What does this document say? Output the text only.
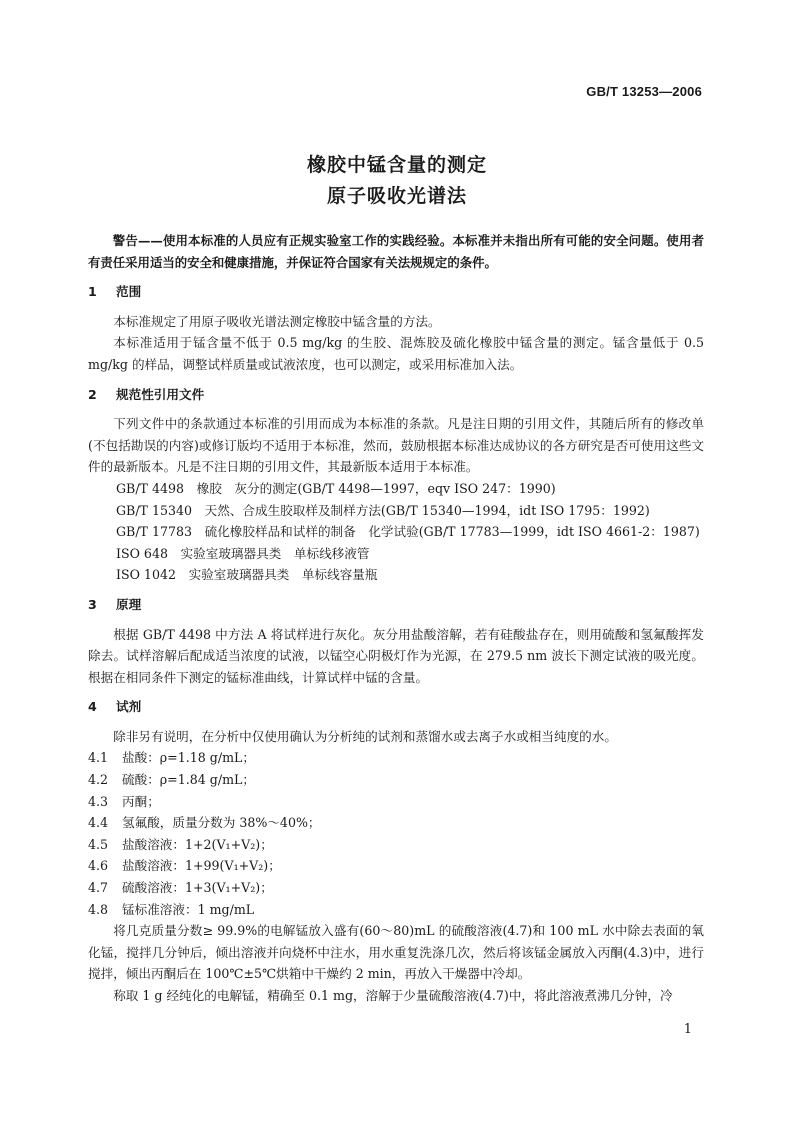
GB/T 13253—2006
橡胶中锰含量的测定
原子吸收光谱法

警告——使用本标准的人员应有正规实验室工作的实践经验。本标准并未指出所有可能的安全问题。使用者有责任采用适当的安全和健康措施，并保证符合国家有关法规规定的条件。

1 范围

本标准规定了用原子吸收光谱法测定橡胶中锰含量的方法。

本标准适用于锰含量不低于 0.5 mg/kg 的生胶、混炼胶及硫化橡胶中锰含量的测定。锰含量低于 0.5 mg/kg 的样品，调整试样质量或试液浓度，也可以测定，或采用标准加入法。

2 规范性引用文件

下列文件中的条款通过本标准的引用而成为本标准的条款。凡是注日期的引用文件，其随后所有的修改单(不包括勘误的内容)或修订版均不适用于本标准，然而，鼓励根据本标准达成协议的各方研究是否可使用这些文件的最新版本。凡是不注日期的引用文件，其最新版本适用于本标准。

GB/T 4498　橡胶　灰分的测定(GB/T 4498—1997，eqv ISO 247：1990)

GB/T 15340　天然、合成生胶取样及制样方法(GB/T 15340—1994，idt ISO 1795：1992)

GB/T 17783　硫化橡胶样品和试样的制备　化学试验(GB/T 17783—1999，idt ISO 4661-2：1987)

ISO 648　实验室玻璃器具类　单标线移液管

ISO 1042　实验室玻璃器具类　单标线容量瓶

3 原理

根据 GB/T 4498 中方法 A 将试样进行灰化。灰分用盐酸溶解，若有硅酸盐存在，则用硫酸和氢氟酸挥发除去。试样溶解后配成适当浓度的试液，以锰空心阴极灯作为光源，在 279.5 nm 波长下测定试液的吸光度。根据在相同条件下测定的锰标准曲线，计算试样中锰的含量。

4 试剂

除非另有说明，在分析中仅使用确认为分析纯的试剂和蒸馏水或去离子水或相当纯度的水。

4.1 盐酸：ρ=1.18 g/mL；

4.2 硫酸：ρ=1.84 g/mL；

4.3 丙酮；

4.4 氢氟酸，质量分数为 38%～40%；

4.5 盐酸溶液：1+2(V₁+V₂)；

4.6 盐酸溶液：1+99(V₁+V₂)；

4.7 硫酸溶液：1+3(V₁+V₂)；

4.8 锰标准溶液：1 mg/mL

将几克质量分数≥ 99.9%的电解锰放入盛有(60～80)mL 的硫酸溶液(4.7)和 100 mL 水中除去表面的氧化锰，搅拌几分钟后，倾出溶液并向烧杯中注水，用水重复洗涤几次，然后将该锰金属放入丙酮(4.3)中，进行搅拌，倾出丙酮后在 100℃±5℃烘箱中干燥约 2 min，再放入干燥器中冷却。

称取 1 g 经纯化的电解锰，精确至 0.1 mg，溶解于少量硫酸溶液(4.7)中，将此溶液煮沸几分钟，冷

1
